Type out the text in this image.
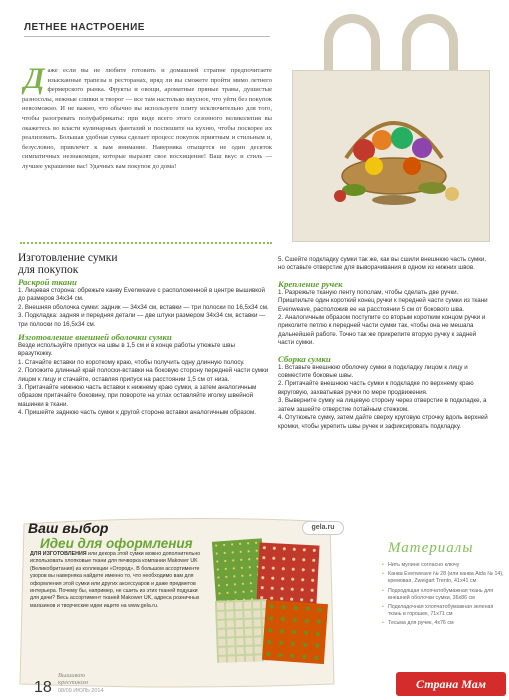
ЛЕТНЕЕ НАСТРОЕНИЕ
Даже если вы не любите готовить и домашней страпне предпочитаете изысканные трапезы в ресторанах, вряд ли вы сможете пройти мимо летнего фермерского рынка. Фрукты и овощи, ароматные пряные травы, душистые разносолы, нежные сливки и творог — все там настолько вкусное, что уйти без покупок невозможно. И не важно, что обычно вы используете плиту исключительно для того, чтобы разогревать полуфабрикаты: при виде всего этого сезонного великолепия вы окажетесь во власти кулинарных фантазий и поспешите на кухню, чтобы поскорее их реализовать. Большая удобная сумка сделает процесс покупок приятным и стильным и, безусловно, привлечет к вам внимание. Наверняка отыщется не один десяток симпатичных незнакомцев, которые выразят свое восхищение! Ваш вкус и стиль — лучшее украшение вас! Удачных вам покупок до дома!
Изготовление сумки
для покупок
Раскрой ткани
1. Лицевая сторона: обрежьте канву Evenweave с расположенной в центре вышивкой до размеров 34х34 см.
2. Внешняя оболочка сумки: задник — 34х34 см, вставки — три полоски по 16,5х34 см.
3. Подкладка: задняя и передняя детали — две штуки размером 34х34 см, вставки — три полоски по 16,5х34 см.
Изготовление внешней оболочки сумки
Везде используйте припуск на швы в 1,5 см и в конце работы утюжьте швы вразутюжку.
1. Стачайте вставки по короткому краю, чтобы получить одну длинную полосу.
2. Положите длинный край полоски-вставки на боковую сторону передней части сумки лицом к лицу и стачайте, оставляя припуск на расстоянии 1,5 см от низа.
3. Притачайте нижнюю часть вставки к нижнему краю сумки, а затем аналогичным образом притачайте боковину, при повороте на углах оставляйте иголку швейной машинки в ткани.
4. Пришейте заднюю часть сумки к другой стороне вставки аналогичным образом.
5. Сшейте подкладку сумки так же, как вы сшили внешнюю часть сумки, но оставьте отверстие для выворачивания в одном из нижних швов.
Крепление ручек
1. Разрежьте тканую ленту пополам, чтобы сделать две ручки. Пришпильте один короткий конец ручки к передней части сумки из ткани Evenweave, расположив ее на расстоянии 5 см от бокового шва.
2. Аналогичным образом поступите со вторым коротким концом ручки и приколите петлю к передней части сумки так, чтобы она не мешала дальнейшей работе. Точно так же прикрепите вторую ручку к задней части сумки.
Сборка сумки
1. Вставьте внешнюю оболочку сумки в подкладку лицом к лицу и совместите боковые швы.
2. Притачайте внешнюю часть сумки к подкладке по верхнему краю вкруговую, захватывая ручки по мере продвижения.
3. Выверните сумку на лицевую сторону через отверстие в подкладке, а затем зашейте отверстие потайным стежком.
4. Отутюжьте сумку, затем дайте сверху круговую строчку вдоль верхней кромки, чтобы укрепить швы ручек и зафиксировать подкладку.
Ваш выбор
Идеи для оформления
gela.ru
ДЛЯ ИЗГОТОВЛЕНИЯ или декора этой сумки можно дополнительно использовать хлопковые ткани для печворка компании Makower UK (Великобритания) из коллекции «Огород». В большом ассортименте узоров вы наверняка найдете именно то, что необходимо вам для оформления этой сумки или других аксессуаров и даже предметов интерьера. Почему бы, например, не сшить из этих тканей подушки для дачи? Весь ассортимент тканей Makower UK, адреса розничных магазинов и творческие идеи ищите на www.gela.ru.
Материалы
• Нить мулине согласно ключу
• Канва Evenweave № 28 (или канва Aida № 14), кремовая, Zweigart Trento, 41х41 см
• Подходящая хлопчатобумажная ткань для внешней оболочки сумки, 36х86 см
• Подкладочная хлопчатобумажная зеленая ткань в горошек, 71х71 см
• Тесьма для ручек, 4х76 см
18
Вышиваю
крестиком
08/09 ИЮЛЬ 2014	Страна Мам
